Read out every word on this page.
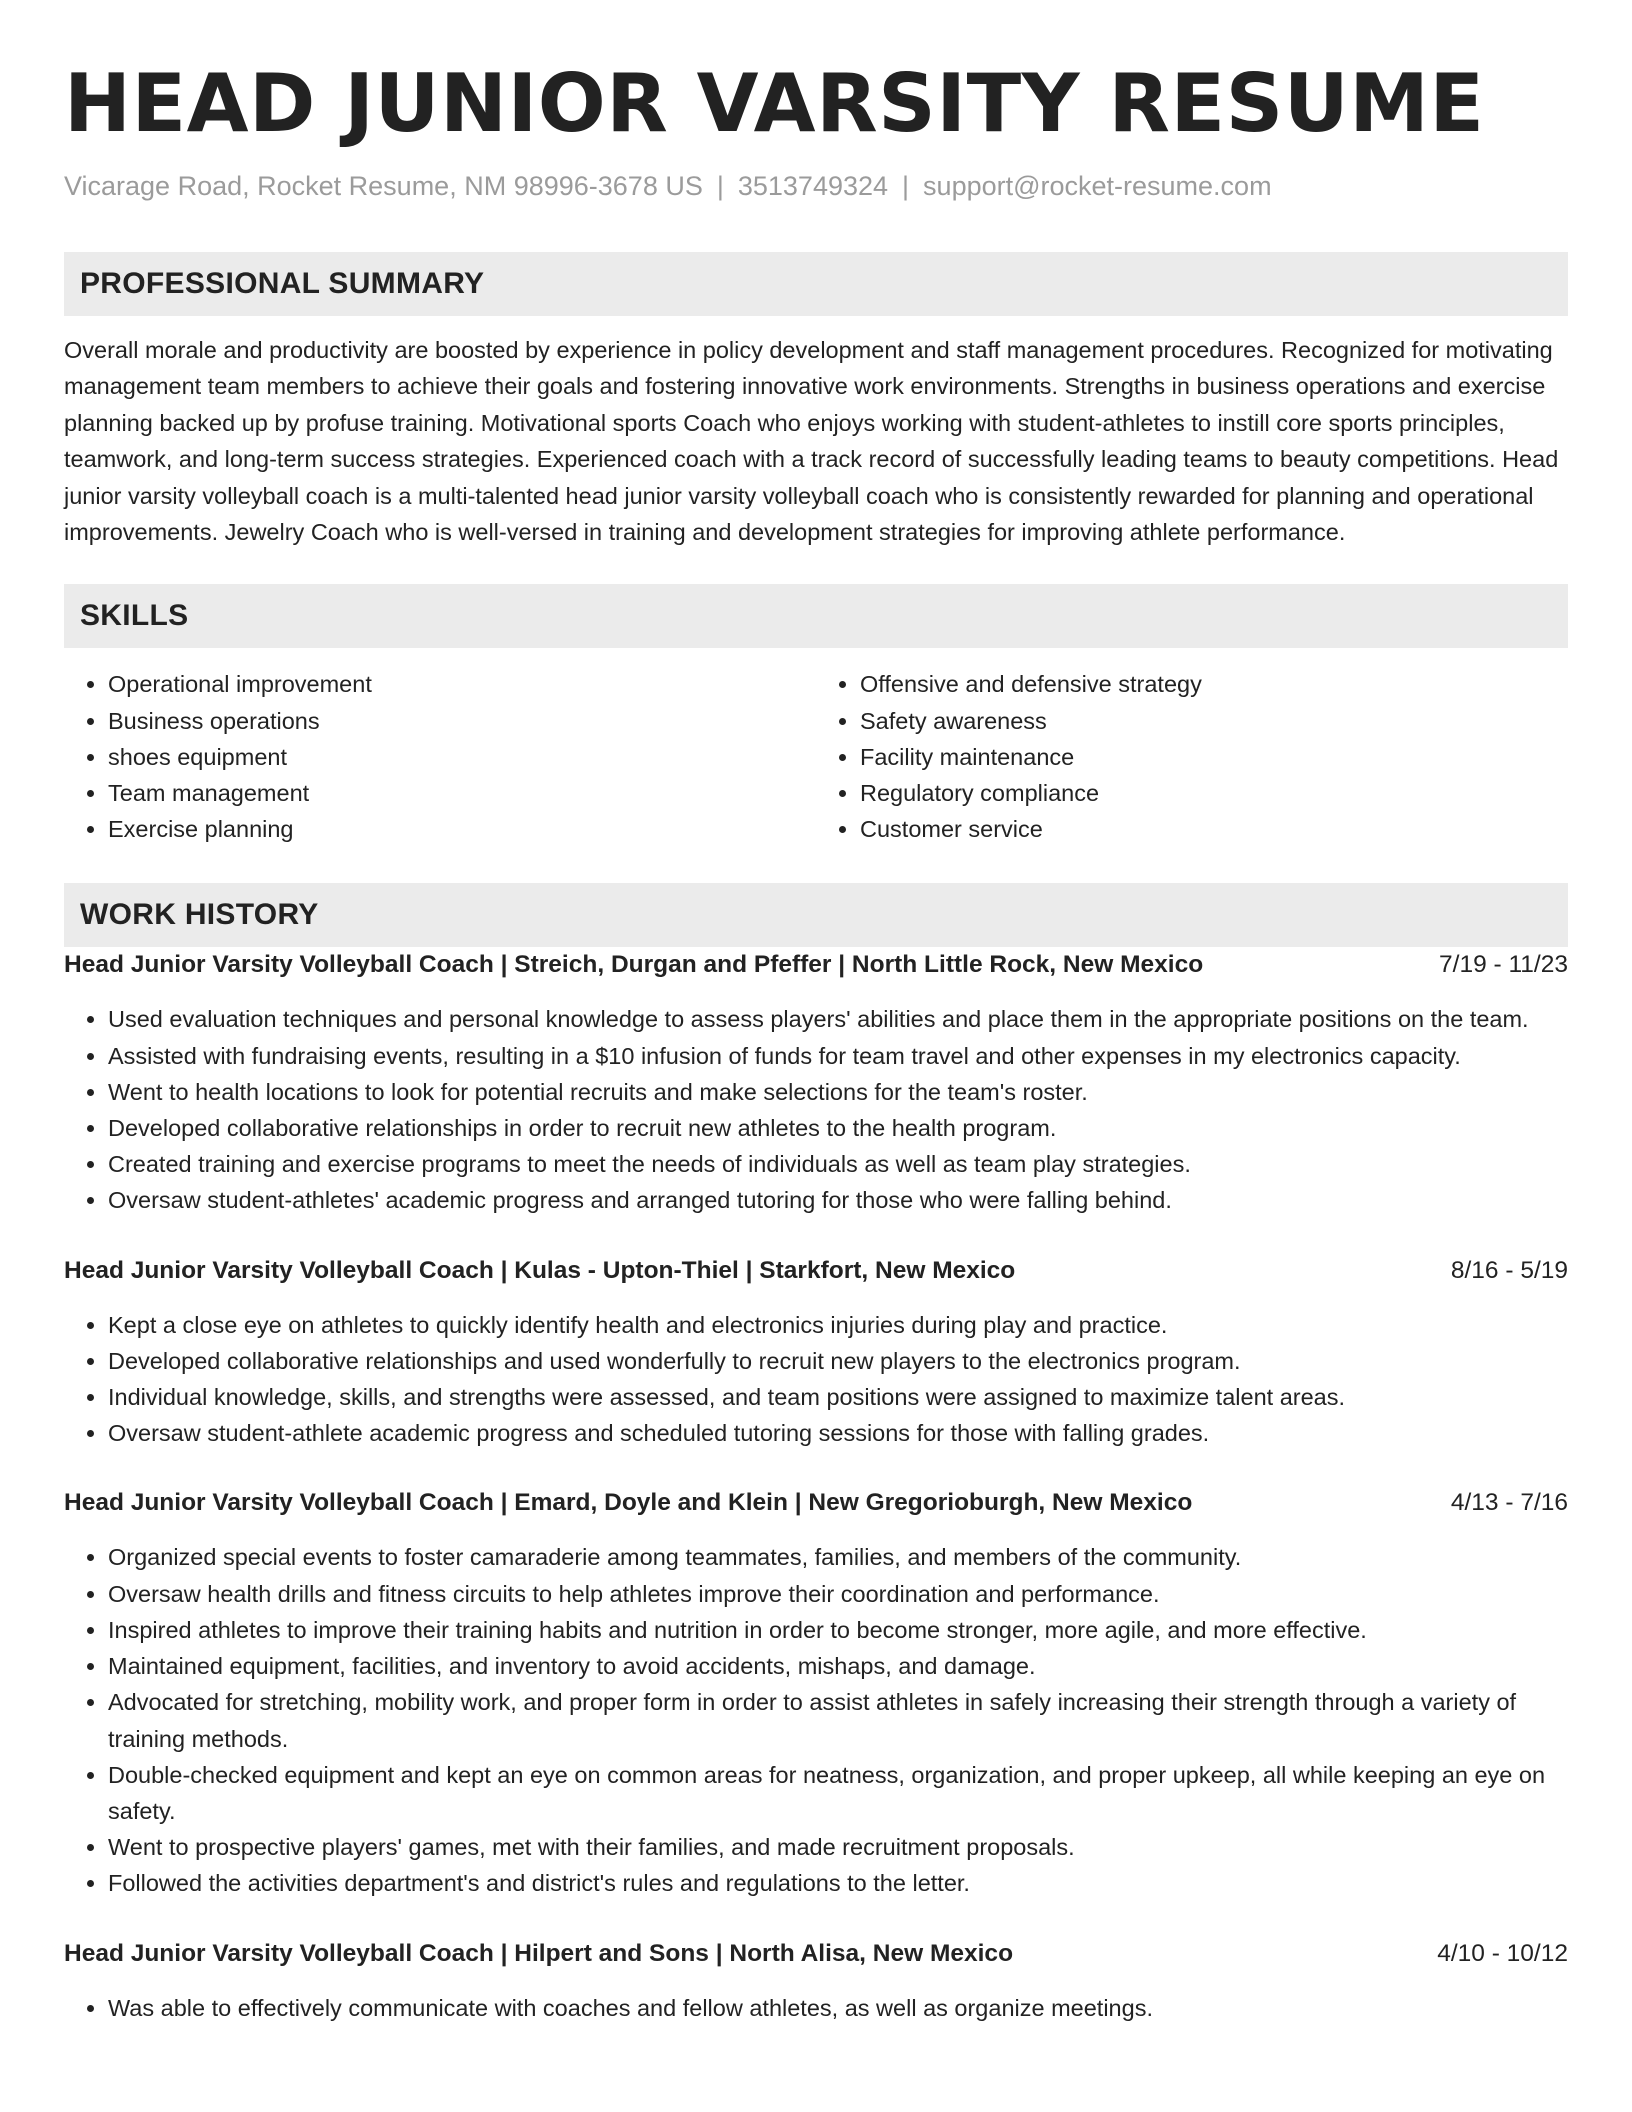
HEAD JUNIOR VARSITY RESUME
Vicarage Road, Rocket Resume, NM 98996-3678 US | 3513749324 | support@rocket-resume.com
PROFESSIONAL SUMMARY

Overall morale and productivity are boosted by experience in policy development and staff management procedures. Recognized for motivating management team members to achieve their goals and fostering innovative work environments. Strengths in business operations and exercise planning backed up by profuse training. Motivational sports Coach who enjoys working with student-athletes to instill core sports principles, teamwork, and long-term success strategies. Experienced coach with a track record of successfully leading teams to beauty competitions. Head junior varsity volleyball coach is a multi-talented head junior varsity volleyball coach who is consistently rewarded for planning and operational improvements. Jewelry Coach who is well-versed in training and development strategies for improving athlete performance.

SKILLS
• Operational improvement
• Business operations
• shoes equipment
• Team management
• Exercise planning
• Offensive and defensive strategy
• Safety awareness
• Facility maintenance
• Regulatory compliance
• Customer service
WORK HISTORY
Head Junior Varsity Volleyball Coach | Streich, Durgan and Pfeffer | North Little Rock, New Mexico	7/19 - 11/23
• Used evaluation techniques and personal knowledge to assess players' abilities and place them in the appropriate positions on the team.
• Assisted with fundraising events, resulting in a $10 infusion of funds for team travel and other expenses in my electronics capacity.
• Went to health locations to look for potential recruits and make selections for the team's roster.
• Developed collaborative relationships in order to recruit new athletes to the health program.
• Created training and exercise programs to meet the needs of individuals as well as team play strategies.
• Oversaw student-athletes' academic progress and arranged tutoring for those who were falling behind.
Head Junior Varsity Volleyball Coach | Kulas - Upton-Thiel | Starkfort, New Mexico	8/16 - 5/19
• Kept a close eye on athletes to quickly identify health and electronics injuries during play and practice.
• Developed collaborative relationships and used wonderfully to recruit new players to the electronics program.
• Individual knowledge, skills, and strengths were assessed, and team positions were assigned to maximize talent areas.
• Oversaw student-athlete academic progress and scheduled tutoring sessions for those with falling grades.
Head Junior Varsity Volleyball Coach | Emard, Doyle and Klein | New Gregorioburgh, New Mexico	4/13 - 7/16
• Organized special events to foster camaraderie among teammates, families, and members of the community.
• Oversaw health drills and fitness circuits to help athletes improve their coordination and performance.
• Inspired athletes to improve their training habits and nutrition in order to become stronger, more agile, and more effective.
• Maintained equipment, facilities, and inventory to avoid accidents, mishaps, and damage.
• Advocated for stretching, mobility work, and proper form in order to assist athletes in safely increasing their strength through a variety of training methods.
• Double-checked equipment and kept an eye on common areas for neatness, organization, and proper upkeep, all while keeping an eye on safety.
• Went to prospective players' games, met with their families, and made recruitment proposals.
• Followed the activities department's and district's rules and regulations to the letter.
Head Junior Varsity Volleyball Coach | Hilpert and Sons | North Alisa, New Mexico	4/10 - 10/12
• Was able to effectively communicate with coaches and fellow athletes, as well as organize meetings.
